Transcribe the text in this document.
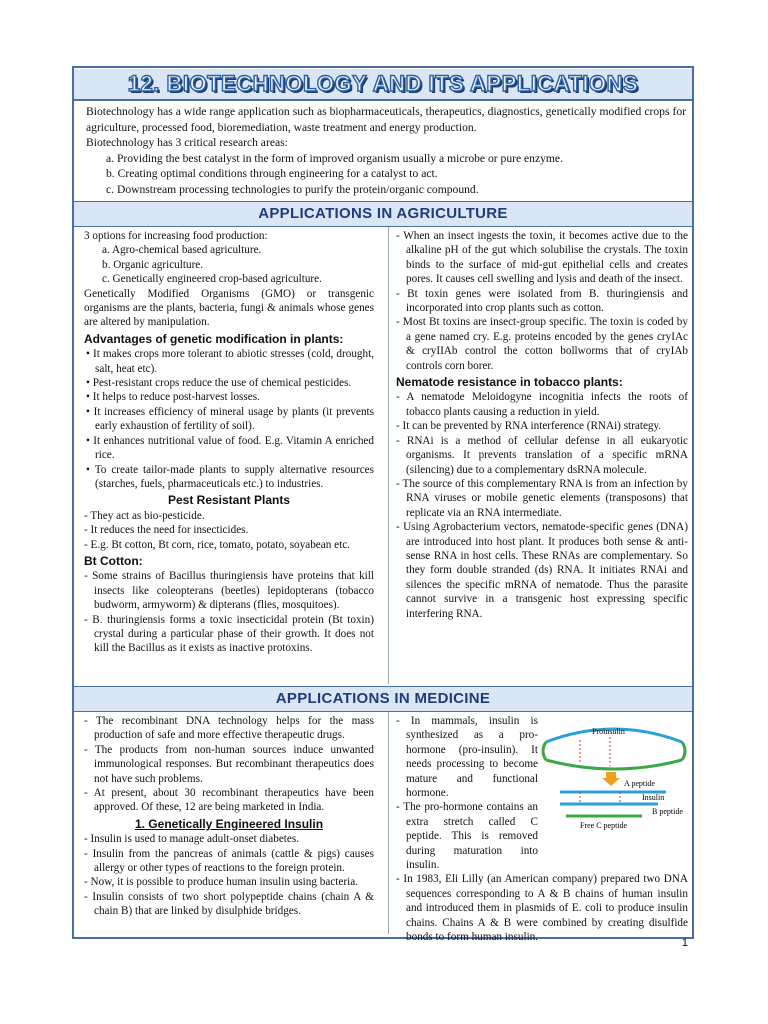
12. BIOTECHNOLOGY AND ITS APPLICATIONS

Biotechnology has a wide range application such as biopharmaceuticals, therapeutics, diagnostics, genetically modified crops for agriculture, processed food, bioremediation, waste treatment and energy production.

Biotechnology has 3 critical research areas:

a. Providing the best catalyst in the form of improved organism usually a microbe or pure enzyme.
b. Creating optimal conditions through engineering for a catalyst to act.
c. Downstream processing technologies to purify the protein/organic compound.
APPLICATIONS IN AGRICULTURE

3 options for increasing food production:

a. Agro-chemical based agriculture.
b. Organic agriculture.
c. Genetically engineered crop-based agriculture.

Genetically Modified Organisms (GMO) or transgenic organisms are the plants, bacteria, fungi & animals whose genes are altered by manipulation.

Advantages of genetic modification in plants:
• It makes crops more tolerant to abiotic stresses (cold, drought, salt, heat etc).
• Pest-resistant crops reduce the use of chemical pesticides.
• It helps to reduce post-harvest losses.
• It increases efficiency of mineral usage by plants (it prevents early exhaustion of fertility of soil).
• It enhances nutritional value of food. E.g. Vitamin A enriched rice.
• To create tailor-made plants to supply alternative resources (starches, fuels, pharmaceuticals etc.) to industries.
Pest Resistant Plants
- They act as bio-pesticide.
- It reduces the need for insecticides.
- E.g. Bt cotton, Bt corn, rice, tomato, potato, soyabean etc.
Bt Cotton:
- Some strains of Bacillus thuringiensis have proteins that kill insects like coleopterans (beetles) lepidopterans (tobacco budworm, armyworm) & dipterans (flies, mosquitoes).
- B. thuringiensis forms a toxic insecticidal protein (Bt toxin) crystal during a particular phase of their growth. It does not kill the Bacillus as it exists as inactive protoxins.
- When an insect ingests the toxin, it becomes active due to the alkaline pH of the gut which solubilise the crystals. The toxin binds to the surface of mid-gut epithelial cells and creates pores. It causes cell swelling and lysis and death of the insect.
- Bt toxin genes were isolated from B. thuringiensis and incorporated into crop plants such as cotton.
- Most Bt toxins are insect-group specific. The toxin is coded by a gene named cry. E.g. proteins encoded by the genes cryIAc & cryIIAb control the cotton bollworms that of cryIAb controls corn borer.
Nematode resistance in tobacco plants:
- A nematode Meloidogyne incognitia infects the roots of tobacco plants causing a reduction in yield.
- It can be prevented by RNA interference (RNAi) strategy.
- RNAi is a method of cellular defense in all eukaryotic organisms. It prevents translation of a specific mRNA (silencing) due to a complementary dsRNA molecule.
- The source of this complementary RNA is from an infection by RNA viruses or mobile genetic elements (transposons) that replicate via an RNA intermediate.
- Using Agrobacterium vectors, nematode-specific genes (DNA) are introduced into host plant. It produces both sense & anti-sense RNA in host cells. These RNAs are complementary. So they form double stranded (ds) RNA. It initiates RNAi and silences the specific mRNA of nematode. Thus the parasite cannot survive in a transgenic host expressing specific interfering RNA.
APPLICATIONS IN MEDICINE
- The recombinant DNA technology helps for the mass production of safe and more effective therapeutic drugs.
- The products from non-human sources induce unwanted immunological responses. But recombinant therapeutics does not have such problems.
- At present, about 30 recombinant therapeutics have been approved. Of these, 12 are being marketed in India.
1. Genetically Engineered Insulin
- Insulin is used to manage adult-onset diabetes.
- Insulin from the pancreas of animals (cattle & pigs) causes allergy or other types of reactions to the foreign protein.
- Now, it is possible to produce human insulin using bacteria.
- Insulin consists of two short polypeptide chains (chain A & chain B) that are linked by disulphide bridges.
- In mammals, insulin is synthesized as a pro-hormone (pro-insulin). It needs processing to become mature and functional hormone.
- The pro-hormone contains an extra stretch called C peptide. This is removed during maturation into insulin.
- In 1983, Eli Lilly (an American company) prepared two DNA sequences corresponding to A & B chains of human insulin and introduced them in plasmids of E. coli to produce insulin chains. Chains A & B were combined by creating disulfide bonds to form human insulin.
Proinsulin
A peptide
Insulin
B peptide
Free C peptide
1
